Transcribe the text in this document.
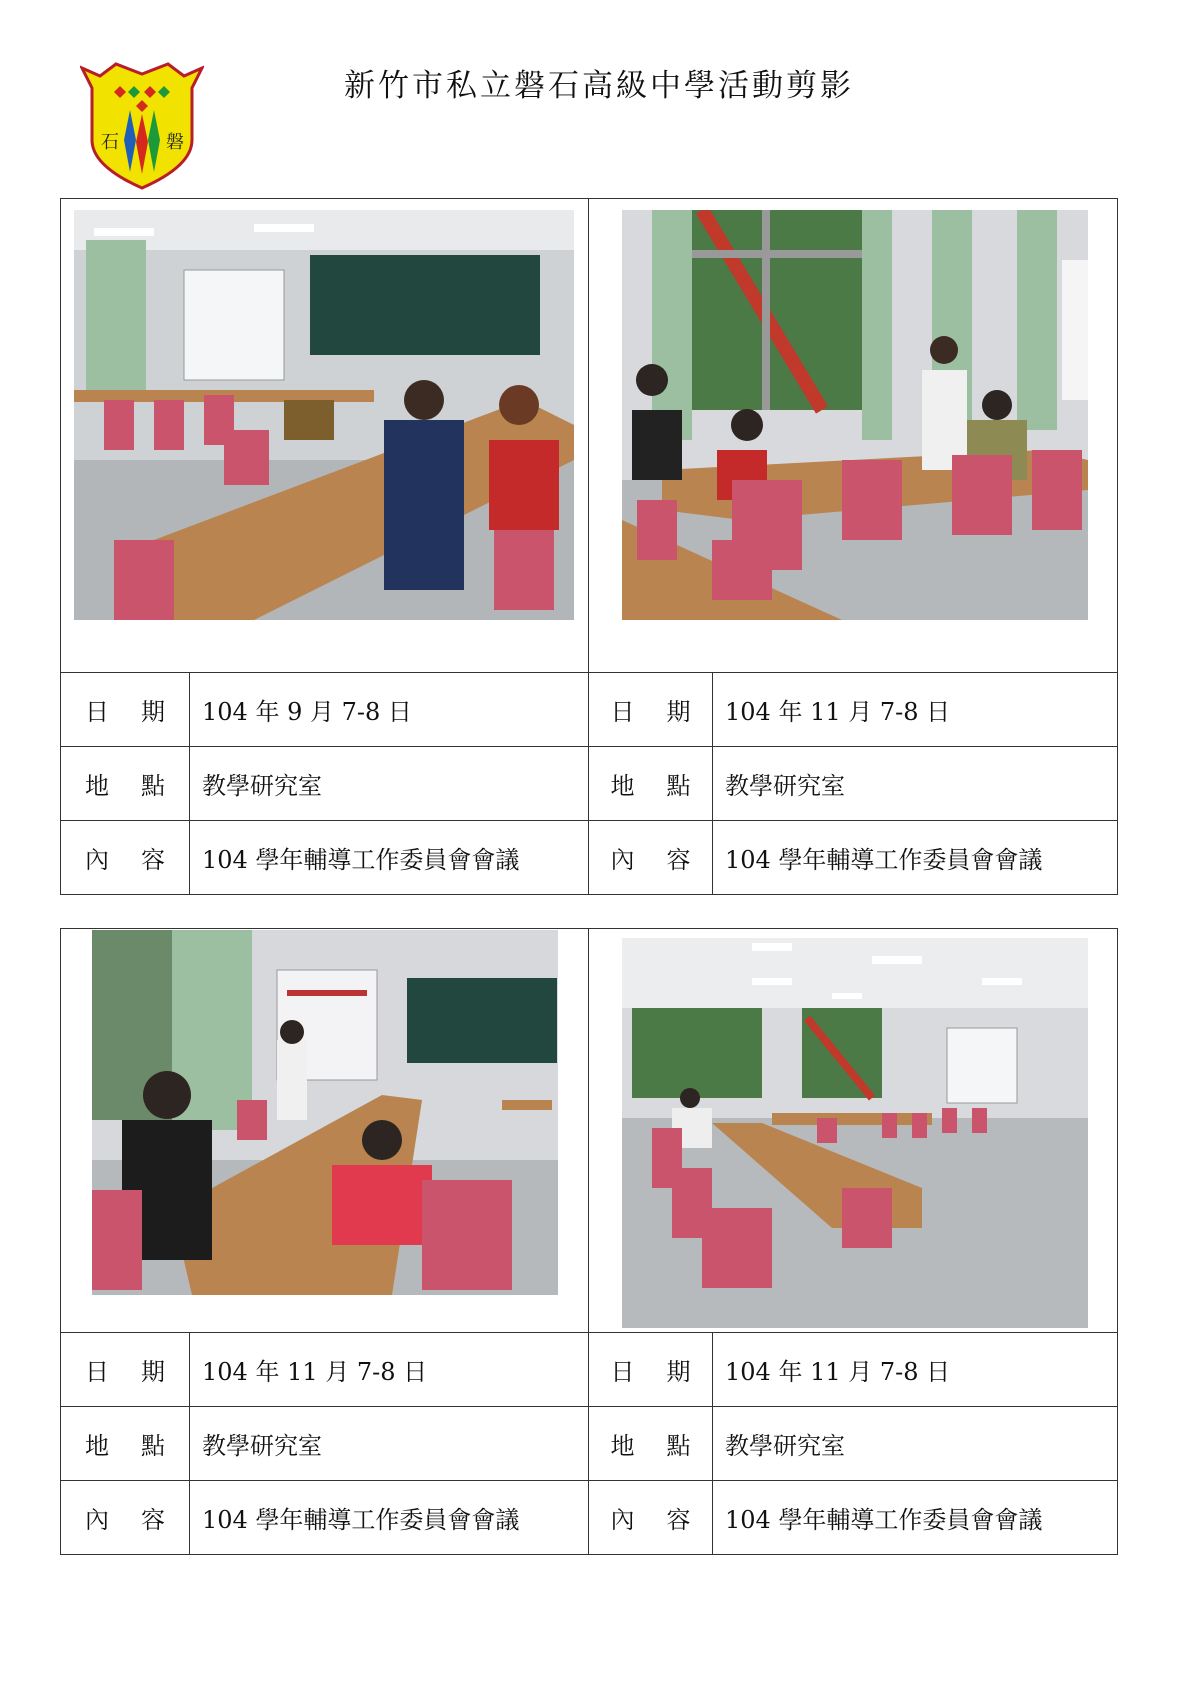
石	磐
新竹市私立磐石高級中學活動剪影

日 期	104 年 9 月 7-8 日	日 期	104 年 11 月 7-8 日
地 點	教學研究室	地 點	教學研究室
內 容	104 學年輔導工作委員會會議	內 容	104 學年輔導工作委員會會議

日 期	104 年 11 月 7-8 日	日 期	104 年 11 月 7-8 日
地 點	教學研究室	地 點	教學研究室
內 容	104 學年輔導工作委員會會議	內 容	104 學年輔導工作委員會會議
